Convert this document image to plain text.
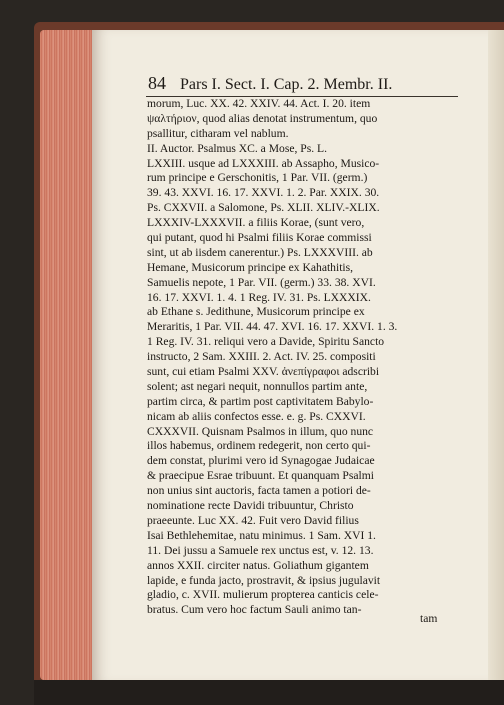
84 Pars I. Sect. I. Cap. 2. Membr. II.
morum, Luc. XX. 42. XXIV. 44. Act. I. 20. item
ψαλτήριον, quod alias denotat instrumentum, quo
psallitur, citharam vel nablum.
II. Auctor. Psalmus XC. a Mose, Ps. L.
LXXIII. usque ad LXXXIII. ab Assapho, Musico-
rum principe e Gerschonitis, 1 Par. VII. (germ.)
39. 43. XXVI. 16. 17. XXVI. 1. 2. Par. XXIX. 30.
Ps. CXXVII. a Salomone, Ps. XLII. XLIV.-XLIX.
LXXXIV-LXXXVII. a filiis Korae, (sunt vero,
qui putant, quod hi Psalmi filiis Korae commissi
sint, ut ab iisdem canerentur.) Ps. LXXXVIII. ab
Hemane, Musicorum principe ex Kahathitis,
Samuelis nepote, 1 Par. VII. (germ.) 33. 38. XVI.
16. 17. XXVI. 1. 4. 1 Reg. IV. 31. Ps. LXXXIX.
ab Ethane s. Jedithune, Musicorum principe ex
Meraritis, 1 Par. VII. 44. 47. XVI. 16. 17. XXVI. 1. 3.
1 Reg. IV. 31. reliqui vero a Davide, Spiritu Sancto
instructo, 2 Sam. XXIII. 2. Act. IV. 25. compositi
sunt, cui etiam Psalmi XXV. ἀνεπίγραφοι adscribi
solent; ast negari nequit, nonnullos partim ante,
partim circa, & partim post captivitatem Babylo-
nicam ab aliis confectos esse. e. g. Ps. CXXVI.
CXXXVII. Quisnam Psalmos in illum, quo nunc
illos habemus, ordinem redegerit, non certo qui-
dem constat, plurimi vero id Synagogae Judaicae
& praecipue Esrae tribuunt. Et quanquam Psalmi
non unius sint auctoris, facta tamen a potiori de-
nominatione recte Davidi tribuuntur, Christo
praeeunte. Luc XX. 42. Fuit vero David filius
Isai Bethlehemitae, natu minimus. 1 Sam. XVI 1.
11. Dei jussu a Samuele rex unctus est, v. 12. 13.
annos XXII. circiter natus. Goliathum gigantem
lapide, e funda jacto, prostravit, & ipsius jugulavit
gladio, c. XVII. mulierum propterea canticis cele-
bratus. Cum vero hoc factum Sauli animo tan-
tam
